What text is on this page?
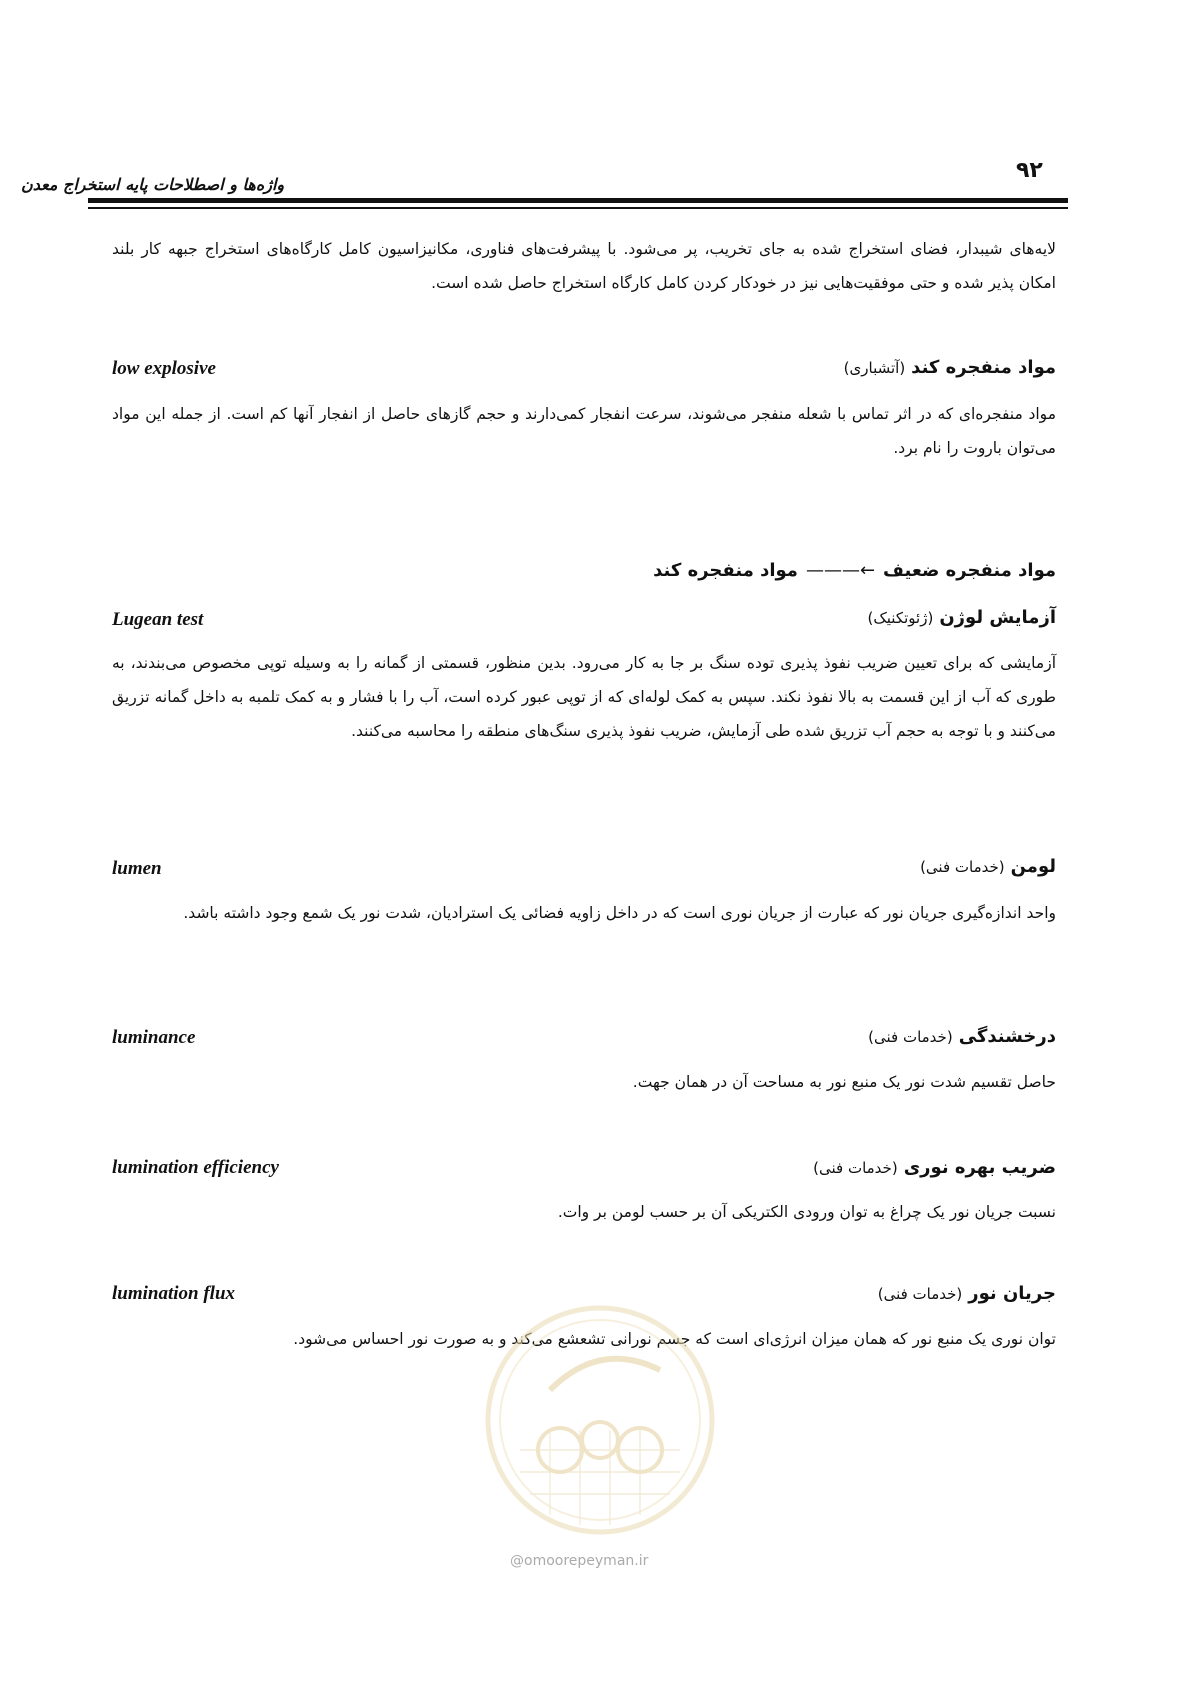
۹۲
واژه‌ها و اصطلاحات پایه استخراج معدن
لایه‌های شیبدار، فضای استخراج شده به جای تخریب، پر می‌شود. با پیشرفت‌های فناوری، مکانیزاسیون کامل کارگاه‌های استخراج جبهه کار بلند امکان پذیر شده و حتی موفقیت‌هایی نیز در خودکار کردن کامل کارگاه استخراج حاصل شده است.
مواد منفجره کند(آتشباری)
low explosive
مواد منفجره‌ای که در اثر تماس با شعله منفجر می‌شوند، سرعت انفجار کمی‌دارند و حجم گازهای حاصل از انفجار آنها کم است. از جمله این مواد می‌توان باروت را نام برد.
مواد منفجره ضعیف←———مواد منفجره کند
آزمایش لوژن(ژئوتکنیک)
Lugean test
آزمایشی که برای تعیین ضریب نفوذ پذیری توده سنگ بر جا به کار می‌رود. بدین منظور، قسمتی از گمانه را به وسیله توپی مخصوص می‌بندند، به طوری که آب از این قسمت به بالا نفوذ نکند. سپس به کمک لوله‌ای که از توپی عبور کرده است، آب را با فشار و به کمک تلمبه به داخل گمانه تزریق می‌کنند و با توجه به حجم آب تزریق شده طی آزمایش، ضریب نفوذ پذیری سنگ‌های منطقه را محاسبه می‌کنند.
لومن(خدمات فنی)
lumen
واحد اندازه‌گیری جریان نور که عبارت از جریان نوری است که در داخل زاویه فضائی یک استرادیان، شدت نور یک شمع وجود داشته باشد.
درخشندگی(خدمات فنی)
luminance
حاصل تقسیم شدت نور یک منبع نور به مساحت آن در همان جهت.
ضریب بهره نوری(خدمات فنی)
lumination efficiency
نسبت جریان نور یک چراغ به توان ورودی الکتریکی آن بر حسب لومن بر وات.
جریان نور(خدمات فنی)
lumination flux
توان نوری یک منبع نور که همان میزان انرژی‌ای است که جسم نورانی تشعشع می‌کند و به صورت نور احساس می‌شود.
@omoorepeyman.ir
